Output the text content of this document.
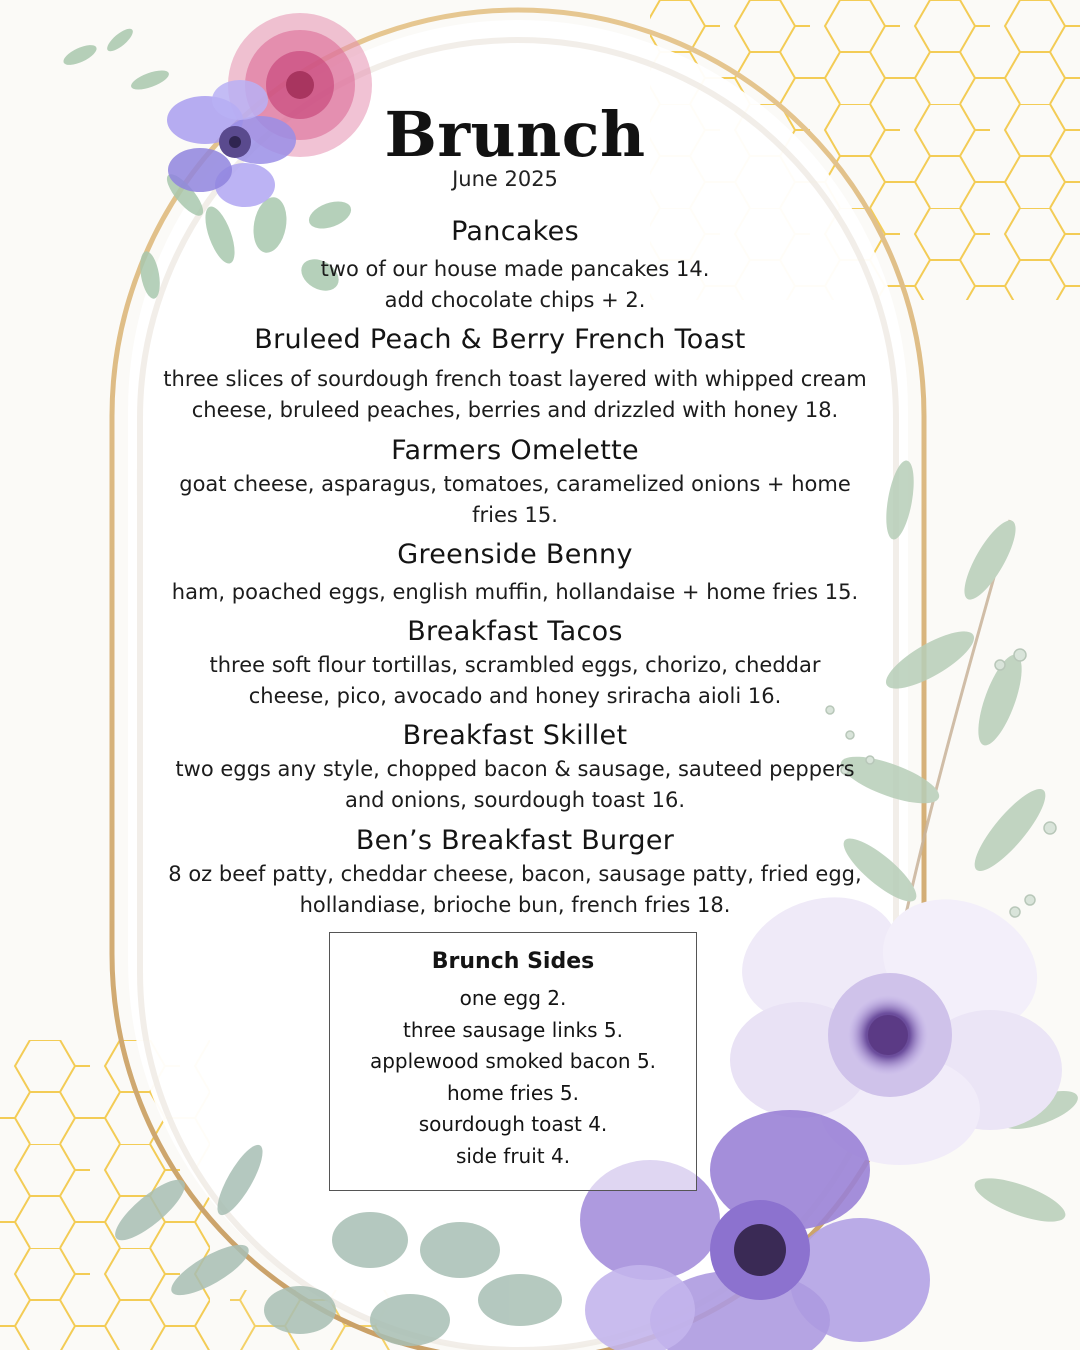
Brunch
June 2025
Pancakes
two of our house made pancakes 14.
add chocolate chips + 2.
Bruleed Peach & Berry French Toast
three slices of sourdough french toast layered with whipped cream
cheese, bruleed peaches, berries and drizzled with honey 18.
Farmers Omelette
goat cheese, asparagus, tomatoes, caramelized onions + home
fries 15.
Greenside Benny
ham, poached eggs, english muffin, hollandaise + home fries 15.
Breakfast Tacos
three soft flour tortillas, scrambled eggs, chorizo, cheddar
cheese, pico, avocado and honey sriracha aioli 16.
Breakfast Skillet
two eggs any style, chopped bacon & sausage, sauteed peppers
and onions, sourdough toast 16.
Ben’s Breakfast Burger
8 oz beef patty, cheddar cheese, bacon, sausage patty, fried egg,
hollandiase, brioche bun, french fries 18.
Brunch Sides
one egg 2.
three sausage links 5.
applewood smoked bacon 5.
home fries 5.
sourdough toast 4.
side fruit 4.
